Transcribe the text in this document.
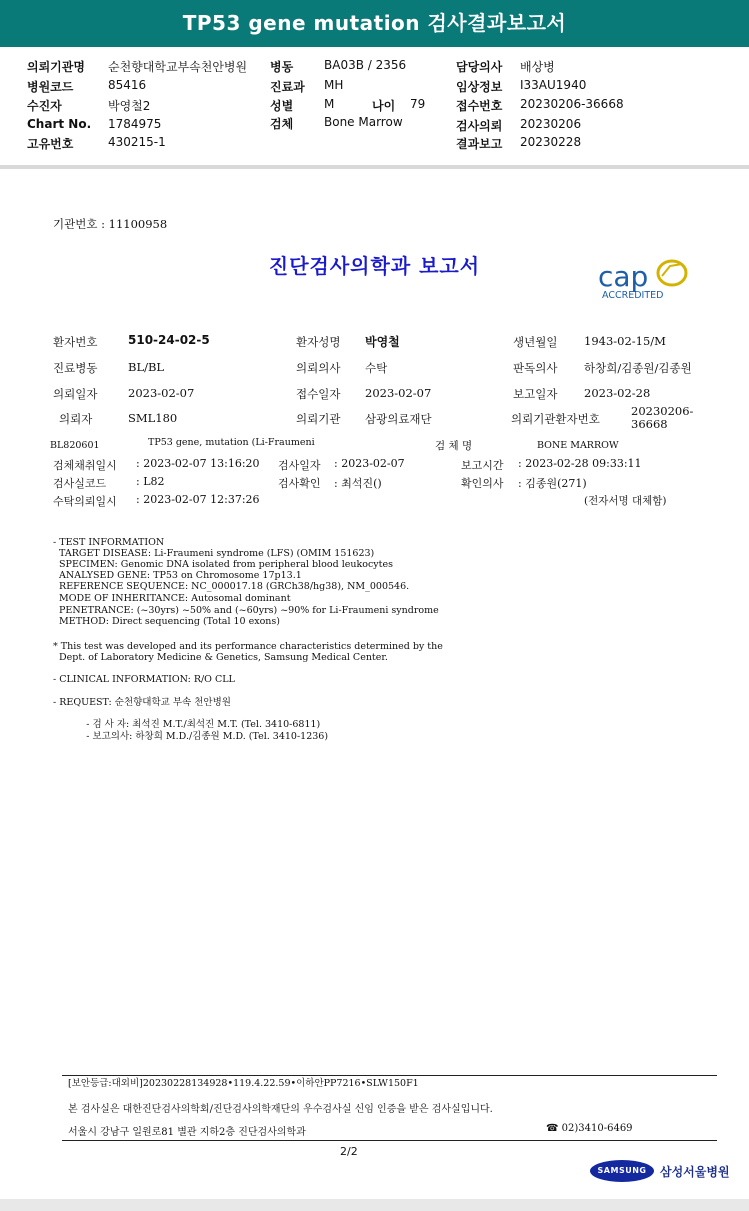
TP53 gene mutation 검사결과보고서
의뢰기관명 순천향대학교부속천안병원
병원코드	85416
수진자	박영철2
Chart No. 1784975
고유번호	430215-1
병동	BA03B / 2356
진료과 MH
성별	M	나이 79
검체	Bone Marrow
담당의사 배상병
임상정보 I33AU1940
접수번호 20230206-36668
검사의뢰 20230206
결과보고 20230228
기관번호 : 11100958
진단검사의학과 보고서	cap
ACCREDITED
환자번호	510-24-02-5	환자성명 박영철	생년월일 1943-02-15/M
진료병동	BL/BL	의뢰의사 수탁	판독의사 하창희/김종원/김종원
의뢰일자	2023-02-07	접수일자 2023-02-07	보고일자 2023-02-28
의뢰자	SML180	의뢰기관 삼광의료재단	의뢰기관환자번호
20230206-36668
BL820601	TP53 gene, mutation (Li-Fraumeni	검 체 명	BONE MARROW
검체채취일시 : 2023-02-07 13:16:20 검사일자 : 2023-02-07	보고시간 : 2023-02-28 09:33:11
검사실코드	: L82	검사확인 : 최석진()	확인의사 : 김종원(271)
수탁의뢰일시 : 2023-02-07 12:37:26	(전자서명 대체함)
- TEST INFORMATION
TARGET DISEASE: Li-Fraumeni syndrome (LFS) (OMIM 151623)
SPECIMEN: Genomic DNA isolated from peripheral blood leukocytes
ANALYSED GENE: TP53 on Chromosome 17p13.1
REFERENCE SEQUENCE: NC_000017.18 (GRCh38/hg38), NM_000546.
MODE OF INHERITANCE: Autosomal dominant
PENETRANCE: (~30yrs) ~50% and (~60yrs) ~90% for Li-Fraumeni syndrome
METHOD: Direct sequencing (Total 10 exons)
* This test was developed and its performance characteristics determined by the
Dept. of Laboratory Medicine & Genetics, Samsung Medical Center.
- CLINICAL INFORMATION: R/O CLL
- REQUEST: 순천향대학교 부속 천안병원
- 검 사 자: 최석진 M.T./최석진 M.T. (Tel. 3410-6811)
- 보고의사: 하창희 M.D./김종원 M.D. (Tel. 3410-1236)
[보안등급:대외비]20230228134928•119.4.22.59•이하안PP7216•SLW150F1
본 검사실은 대한진단검사의학회/진단검사의학재단의 우수검사실 신임 인증을 받은 검사실입니다.
서울시 강남구 일원로81 별관 지하2층 진단검사의학과	☎ 02)3410-6469
2/2
SAMSUNG	삼성서울병원
